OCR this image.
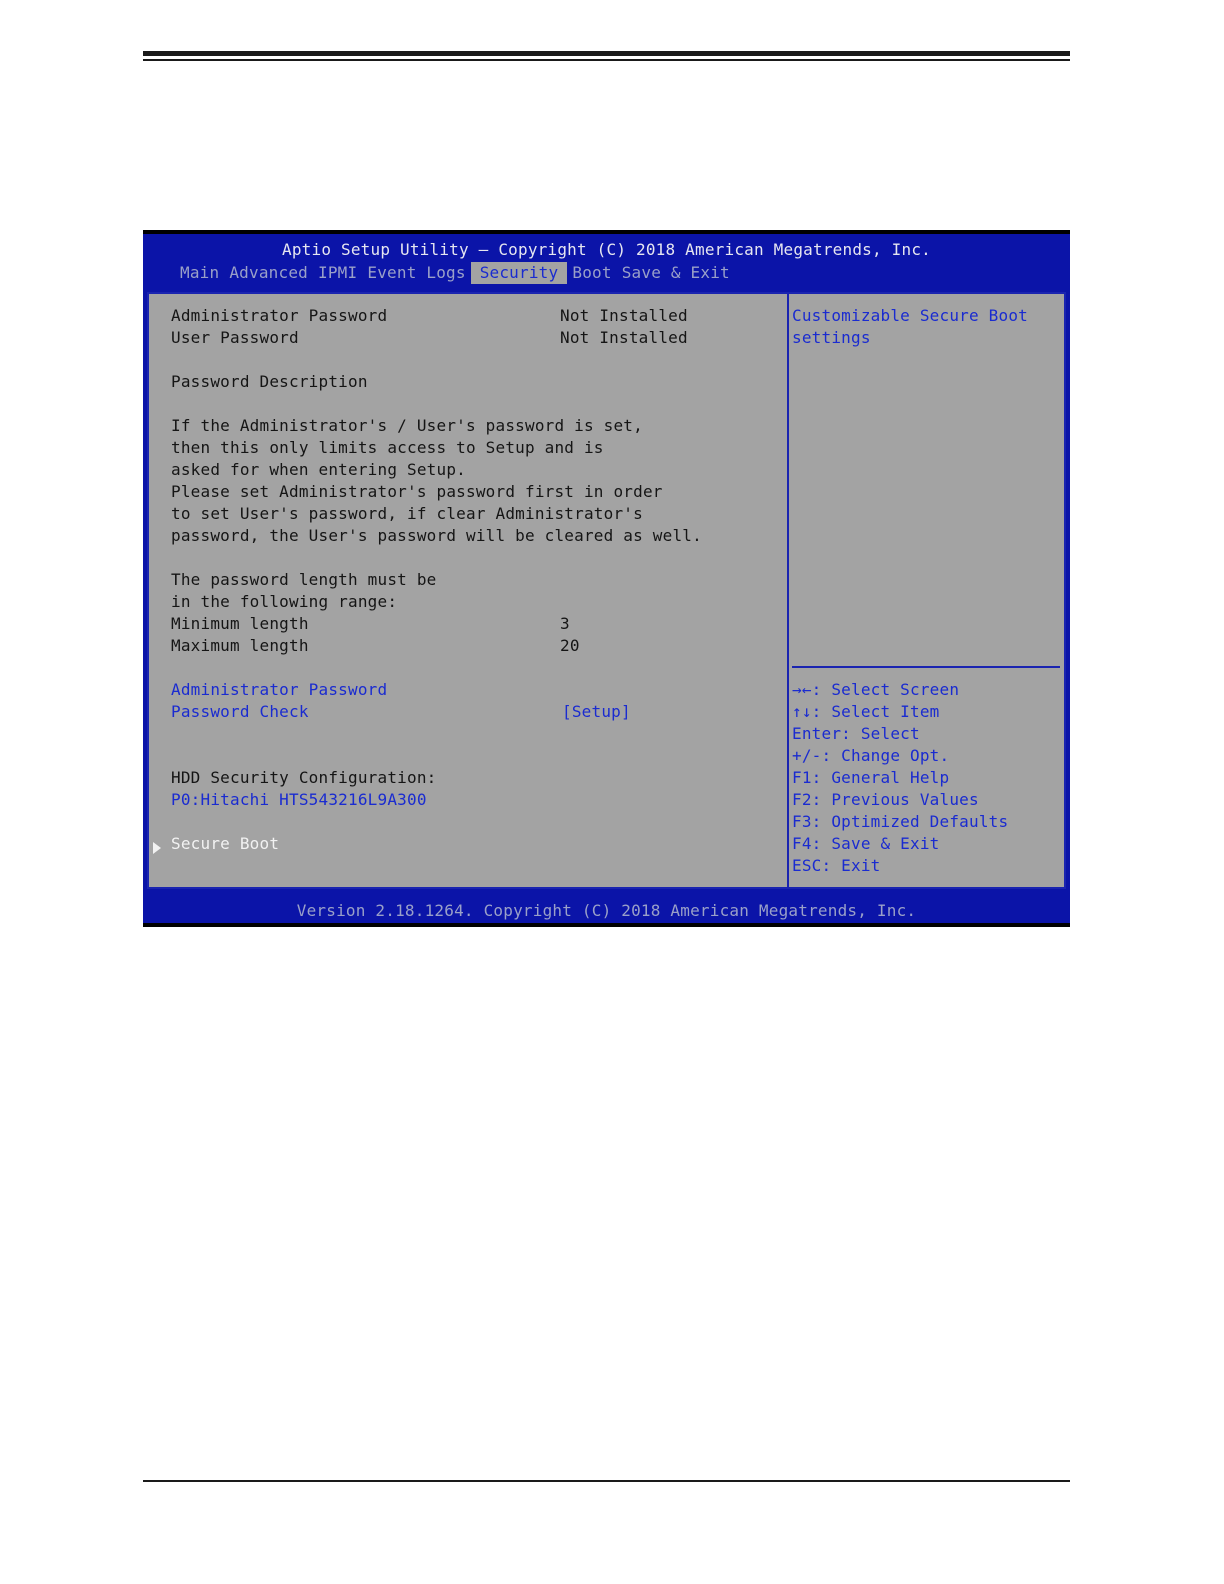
Aptio Setup Utility – Copyright (C) 2018 American Megatrends, Inc.
Main Advanced IPMI Event Logs Security Boot Save & Exit
Administrator Password	Not Installed
User Password	Not Installed
Password Description
If the Administrator's / User's password is set,
then this only limits access to Setup and is
asked for when entering Setup.
Please set Administrator's password first in order
to set User's password, if clear Administrator's
password, the User's password will be cleared as well.
The password length must be
in the following range:
Minimum length	3
Maximum length	20
Administrator Password
Password Check	[Setup]
HDD Security Configuration:
P0:Hitachi HTS543216L9A300
Secure Boot
Customizable Secure Boot
settings
→←: Select Screen
↑↓: Select Item
Enter: Select
+/-: Change Opt.
F1: General Help
F2: Previous Values
F3: Optimized Defaults
F4: Save & Exit
ESC: Exit
Version 2.18.1264. Copyright (C) 2018 American Megatrends, Inc.
